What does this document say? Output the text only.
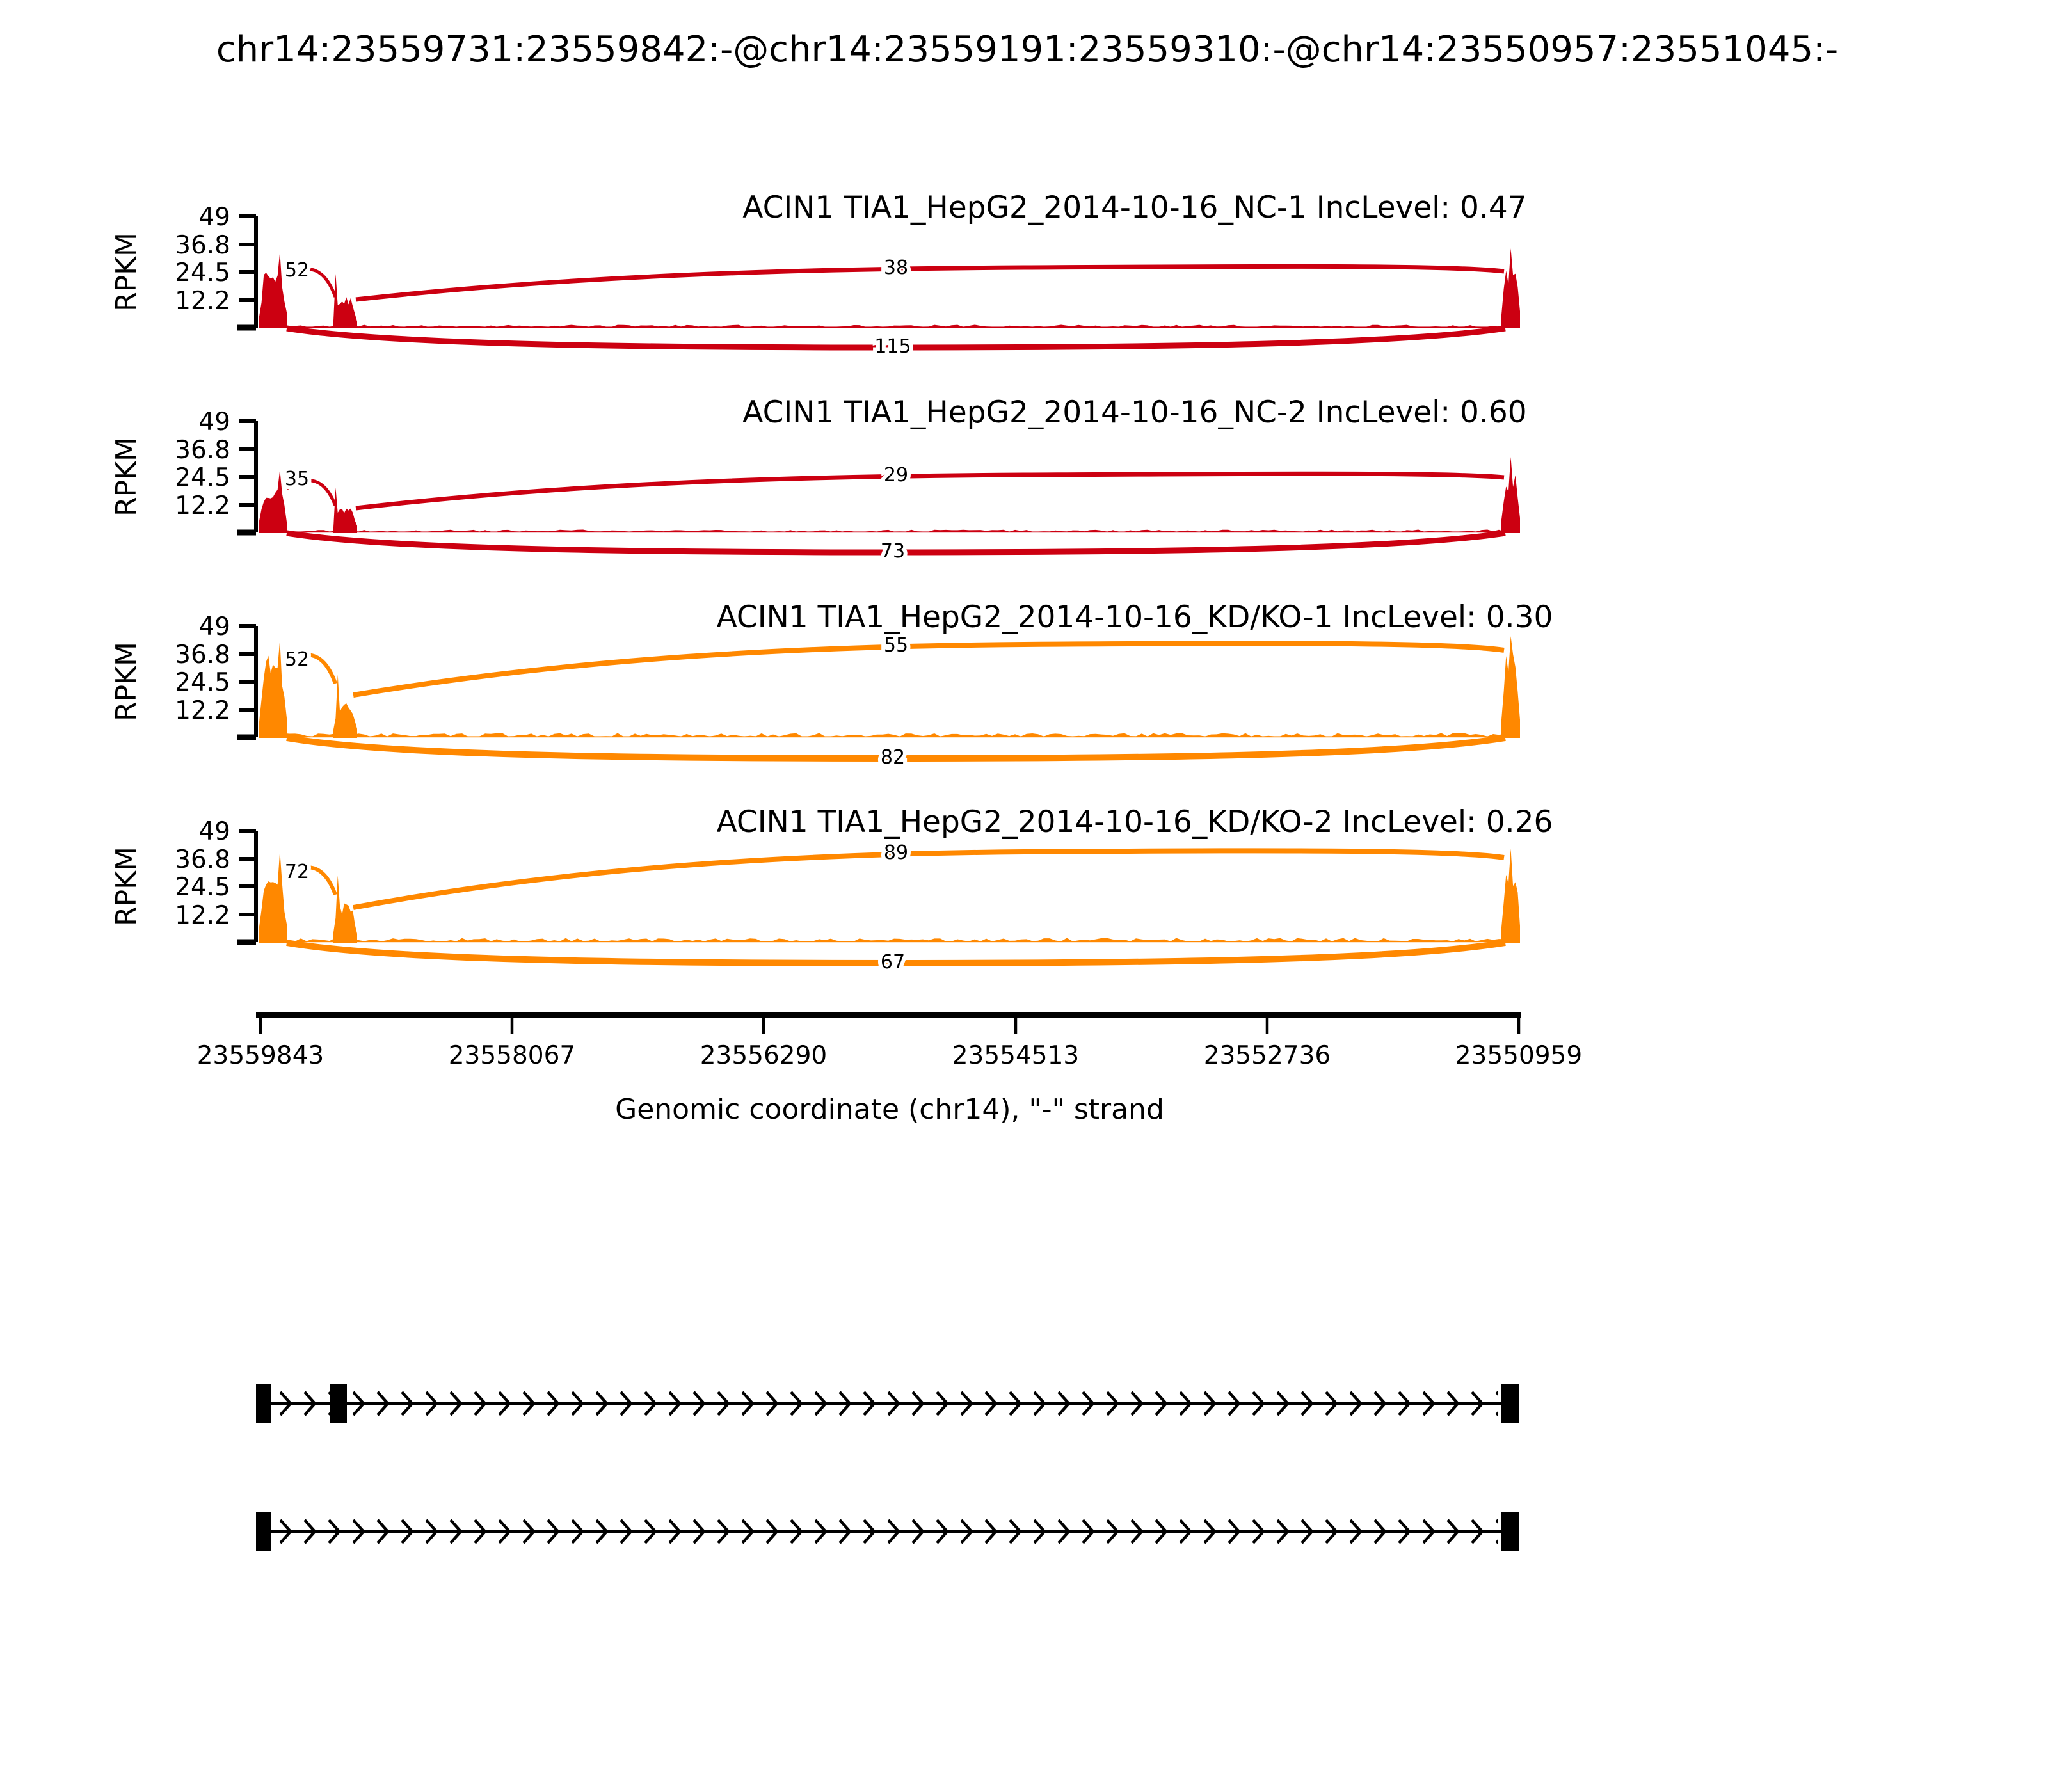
chr14:23559731:23559842:-@chr14:23559191:23559310:-@chr14:23550957:23551045:-
ACIN1 TIA1_HepG2_2014-10-16_NC-1 IncLevel: 0.47
49
36.8
24.5
12.2
RPKM	52	38
115
ACIN1 TIA1_HepG2_2014-10-16_NC-2 IncLevel: 0.60
49
36.8
24.5
12.2
RPKM	35	29
73
ACIN1 TIA1_HepG2_2014-10-16_KD/KO-1 IncLevel: 0.30
49
36.8
24.5
12.2
RPKM	52
55
82
ACIN1 TIA1_HepG2_2014-10-16_KD/KO-2 IncLevel: 0.26
49
36.8
24.5
12.2
RPKM	72
89
67
23559843	23558067	23556290	23554513	23552736	23550959
Genomic coordinate (chr14), "-" strand
